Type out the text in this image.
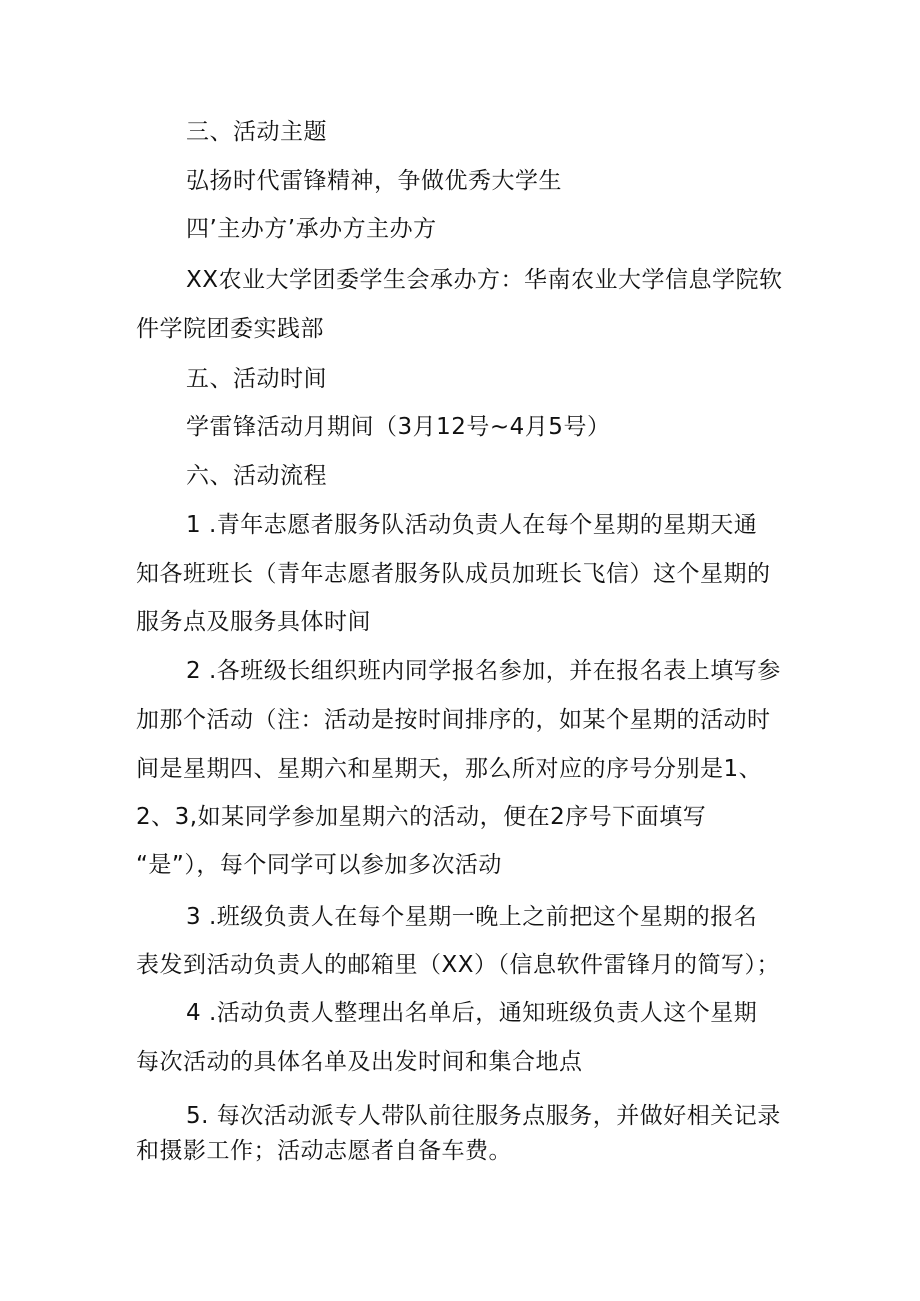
三、活动主题
弘扬时代雷锋精神，争做优秀大学生
四’主办方’承办方主办方
XX农业大学团委学生会承办方：华南农业大学信息学院软
件学院团委实践部
五、活动时间
学雷锋活动月期间（3月12号~4月5号）
六、活动流程
1 .青年志愿者服务队活动负责人在每个星期的星期天通
知各班班长（青年志愿者服务队成员加班长飞信）这个星期的
服务点及服务具体时间
2 .各班级长组织班内同学报名参加，并在报名表上填写参
加那个活动（注：活动是按时间排序的，如某个星期的活动时
间是星期四、星期六和星期天，那么所对应的序号分别是1、
2、3,如某同学参加星期六的活动，便在2序号下面填写
“是”），每个同学可以参加多次活动
3 .班级负责人在每个星期一晚上之前把这个星期的报名
表发到活动负责人的邮箱里（XX）（信息软件雷锋月的简写）；
4 .活动负责人整理出名单后，通知班级负责人这个星期
每次活动的具体名单及出发时间和集合地点
5. 每次活动派专人带队前往服务点服务，并做好相关记录
和摄影工作；活动志愿者自备车费。
